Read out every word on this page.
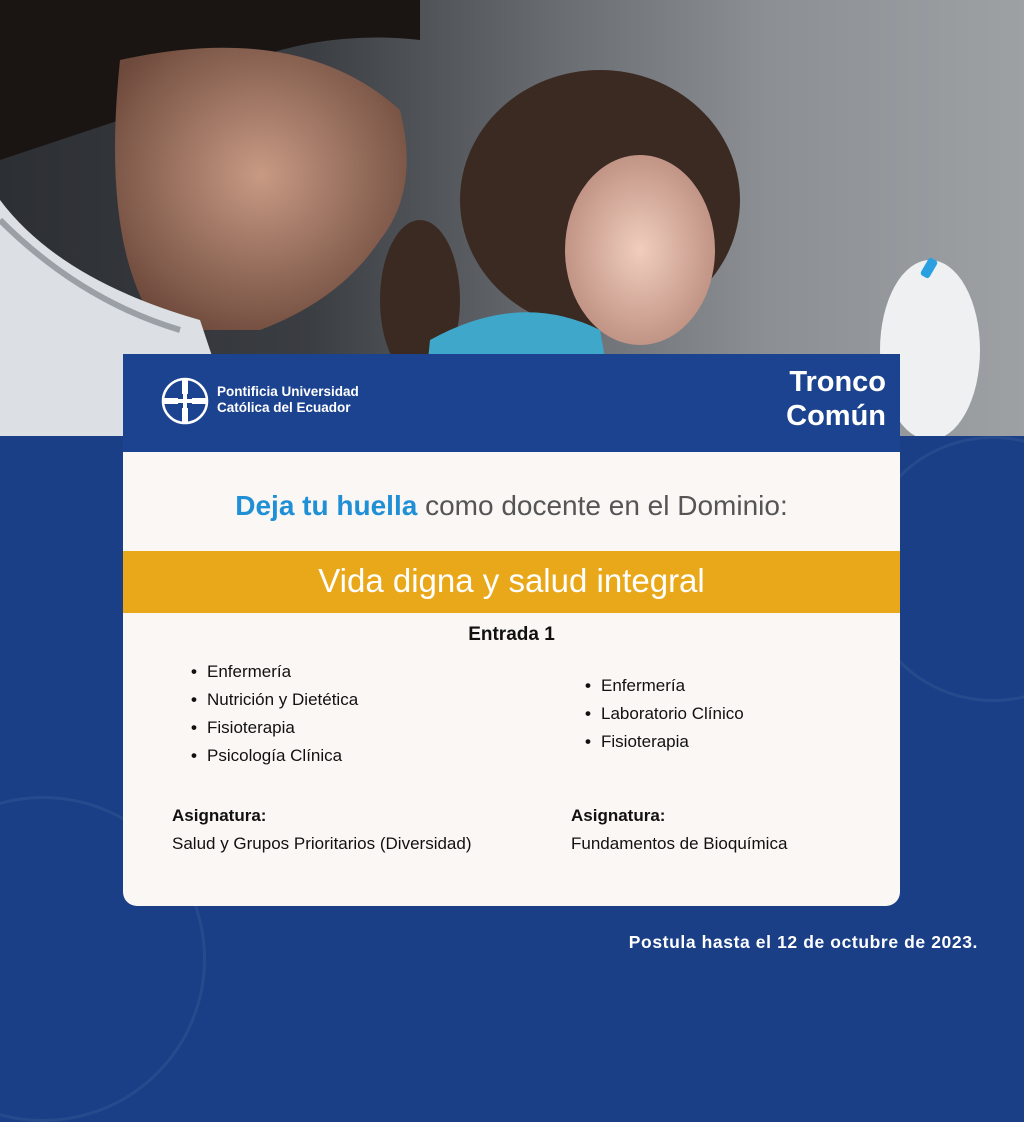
Pontificia Universidad
Católica del Ecuador
Tronco
Común
Deja tu huella como docente en el Dominio:
Vida digna y salud integral
Entrada 1
• Enfermería
• Nutrición y Dietética
• Fisioterapia
• Psicología Clínica
• Enfermería
• Laboratorio Clínico
• Fisioterapia
Asignatura:
Salud y Grupos Prioritarios (Diversidad)
Asignatura:
Fundamentos de Bioquímica
Postula hasta el 12 de octubre de 2023.
